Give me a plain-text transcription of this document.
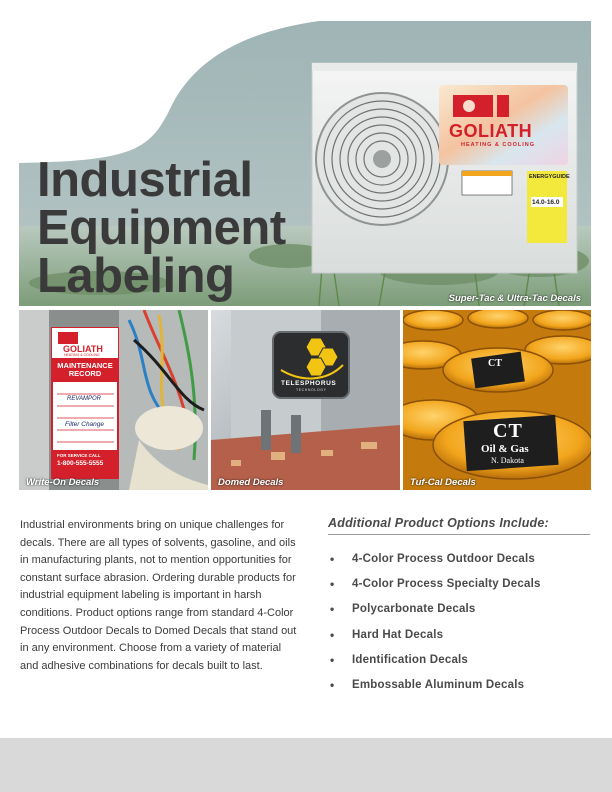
GOLIATH
HEATING & COOLING
ENERGYGUIDE
14.0-16.0
Industrial
Equipment
Labeling	Super-Tac & Ultra-Tac Decals
GOLIATH
HEATING & COOLING
MAINTENANCE RECORD
REVAMPOR
Filter Change
FOR SERVICE CALL
1-800-555-5555
Write-On Decals
TELESPHORUS
TECHNOLOGY
Domed Decals
CT
CT
Oil & Gas
N. Dakota
Tuf-Cal Decals

Industrial environments bring on unique challenges for decals. There are all types of solvents, gasoline, and oils in manufacturing plants, not to mention opportunities for constant surface abrasion. Ordering durable products for industrial equipment labeling is important in harsh conditions. Product options range from standard 4-Color Process Outdoor Decals to Domed Decals that stand out in any environment. Choose from a variety of material and adhesive combinations for decals built to last.

Additional Product Options Include:
• 4-Color Process Outdoor Decals
• 4-Color Process Specialty Decals
• Polycarbonate Decals
• Hard Hat Decals
• Identification Decals
• Embossable Aluminum Decals
